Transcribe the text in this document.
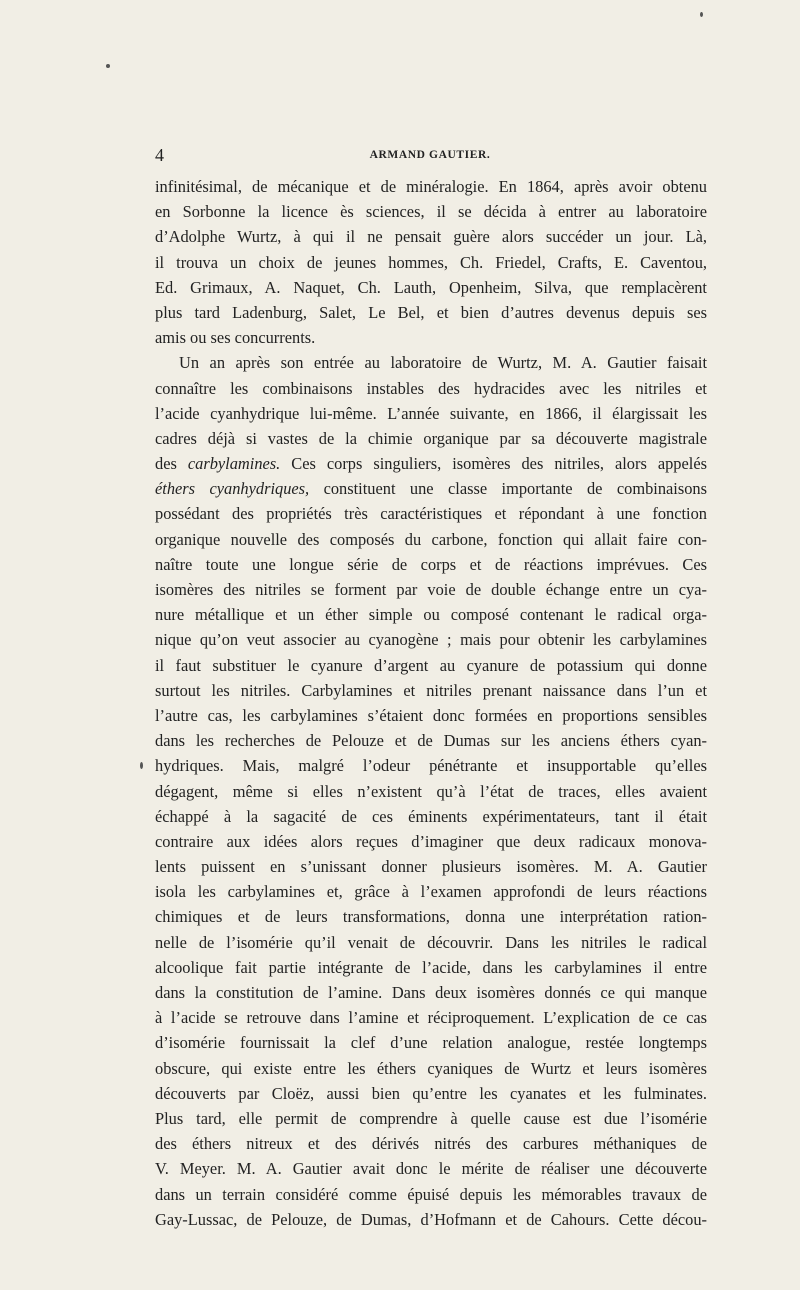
4	ARMAND GAUTIER.
infinitésimal, de mécanique et de minéralogie. En 1864, après avoir obtenu
en Sorbonne la licence ès sciences, il se décida à entrer au laboratoire
d’Adolphe Wurtz, à qui il ne pensait guère alors succéder un jour. Là,
il trouva un choix de jeunes hommes, Ch. Friedel, Crafts, E. Caventou,
Ed. Grimaux, A. Naquet, Ch. Lauth, Openheim, Silva, que remplacèrent
plus tard Ladenburg, Salet, Le Bel, et bien d’autres devenus depuis ses
amis ou ses concurrents.
Un an après son entrée au laboratoire de Wurtz, M. A. Gautier faisait
connaître les combinaisons instables des hydracides avec les nitriles et
l’acide cyanhydrique lui-même. L’année suivante, en 1866, il élargissait les
cadres déjà si vastes de la chimie organique par sa découverte magistrale
des carbylamines. Ces corps singuliers, isomères des nitriles, alors appelés
éthers cyanhydriques, constituent une classe importante de combinaisons
possédant des propriétés très caractéristiques et répondant à une fonction
organique nouvelle des composés du carbone, fonction qui allait faire con-
naître toute une longue série de corps et de réactions imprévues. Ces
isomères des nitriles se forment par voie de double échange entre un cya-
nure métallique et un éther simple ou composé contenant le radical orga-
nique qu’on veut associer au cyanogène ; mais pour obtenir les carbylamines
il faut substituer le cyanure d’argent au cyanure de potassium qui donne
surtout les nitriles. Carbylamines et nitriles prenant naissance dans l’un et
l’autre cas, les carbylamines s’étaient donc formées en proportions sensibles
dans les recherches de Pelouze et de Dumas sur les anciens éthers cyan-
hydriques. Mais, malgré l’odeur pénétrante et insupportable qu’elles
dégagent, même si elles n’existent qu’à l’état de traces, elles avaient
échappé à la sagacité de ces éminents expérimentateurs, tant il était
contraire aux idées alors reçues d’imaginer que deux radicaux monova-
lents puissent en s’unissant donner plusieurs isomères. M. A. Gautier
isola les carbylamines et, grâce à l’examen approfondi de leurs réactions
chimiques et de leurs transformations, donna une interprétation ration-
nelle de l’isomérie qu’il venait de découvrir. Dans les nitriles le radical
alcoolique fait partie intégrante de l’acide, dans les carbylamines il entre
dans la constitution de l’amine. Dans deux isomères donnés ce qui manque
à l’acide se retrouve dans l’amine et réciproquement. L’explication de ce cas
d’isomérie fournissait la clef d’une relation analogue, restée longtemps
obscure, qui existe entre les éthers cyaniques de Wurtz et leurs isomères
découverts par Cloëz, aussi bien qu’entre les cyanates et les fulminates.
Plus tard, elle permit de comprendre à quelle cause est due l’isomérie
des éthers nitreux et des dérivés nitrés des carbures méthaniques de
V. Meyer. M. A. Gautier avait donc le mérite de réaliser une découverte
dans un terrain considéré comme épuisé depuis les mémorables travaux de
Gay-Lussac, de Pelouze, de Dumas, d’Hofmann et de Cahours. Cette décou-
